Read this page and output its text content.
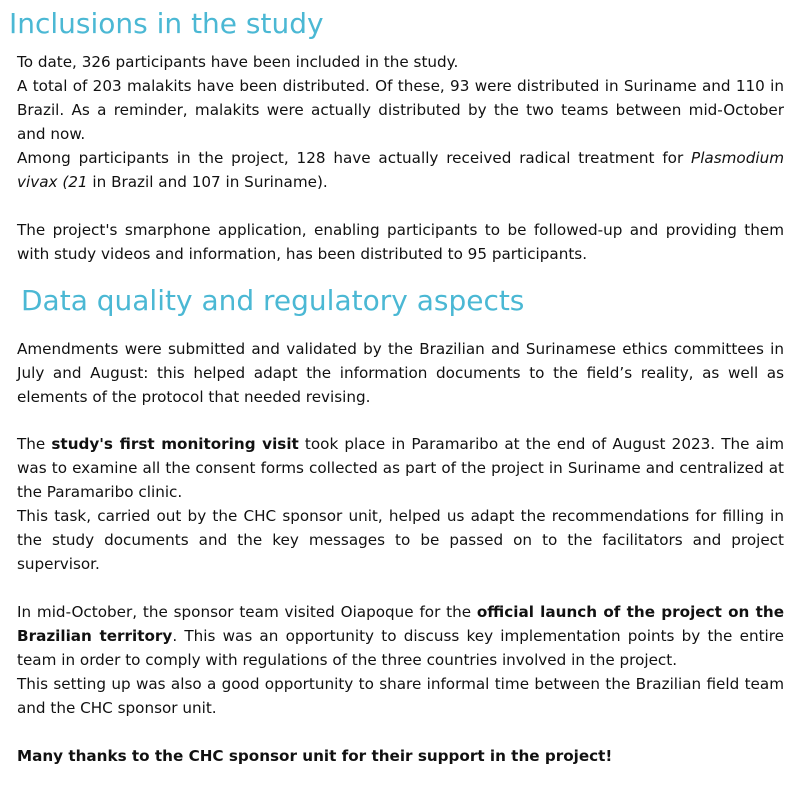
Inclusions in the study

To date, 326 participants have been included in the study.

A total of 203 malakits have been distributed. Of these, 93 were distributed in Suriname and 110 in Brazil. As a reminder, malakits were actually distributed by the two teams between mid-October and now.

Among participants in the project, 128 have actually received radical treatment for Plasmodium vivax (21 in Brazil and 107 in Suriname).

The project's smarphone application, enabling participants to be followed-up and providing them with study videos and information, has been distributed to 95 participants.

Data quality and regulatory aspects

Amendments were submitted and validated by the Brazilian and Surinamese ethics committees in July and August: this helped adapt the information documents to the field’s reality, as well as elements of the protocol that needed revising.

The study's first monitoring visit took place in Paramaribo at the end of August 2023. The aim was to examine all the consent forms collected as part of the project in Suriname and centralized at the Paramaribo clinic.

This task, carried out by the CHC sponsor unit, helped us adapt the recommendations for filling in the study documents and the key messages to be passed on to the facilitators and project supervisor.

In mid-October, the sponsor team visited Oiapoque for the official launch of the project on the Brazilian territory. This was an opportunity to discuss key implementation points by the entire team in order to comply with regulations of the three countries involved in the project.

This setting up was also a good opportunity to share informal time between the Brazilian field team and the CHC sponsor unit.

Many thanks to the CHC sponsor unit for their support in the project!
